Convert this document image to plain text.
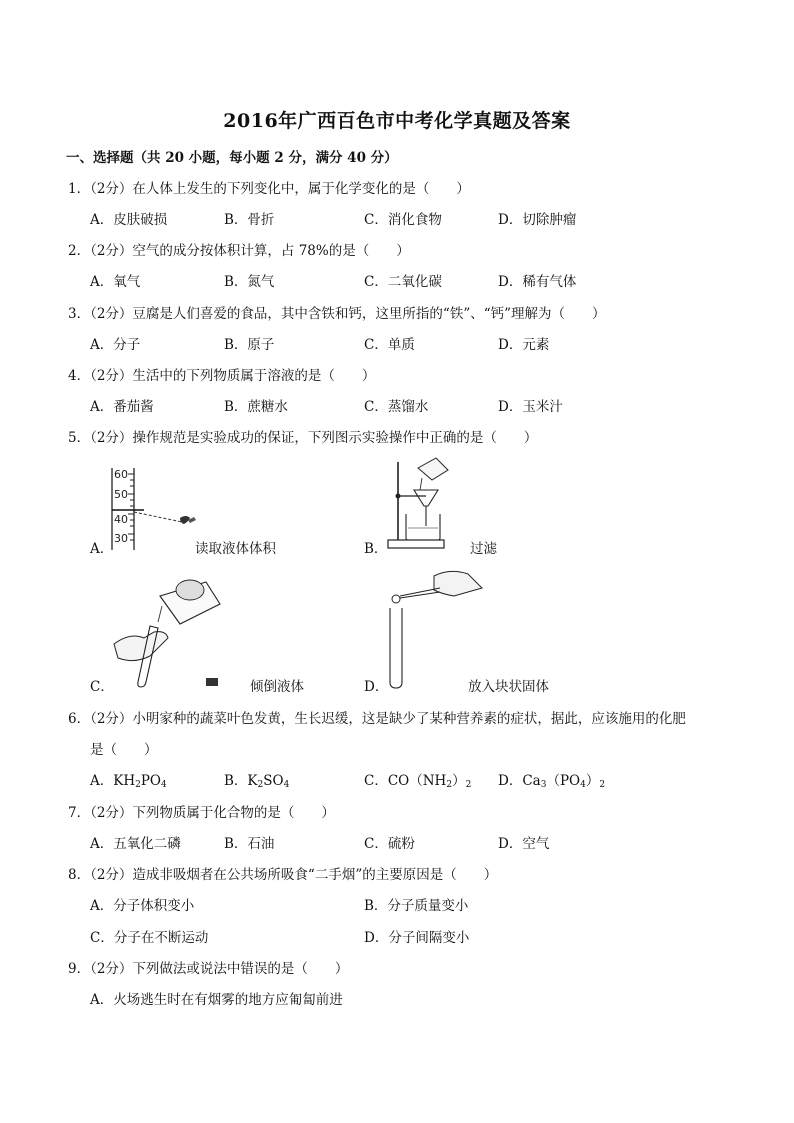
2016年广西百色市中考化学真题及答案
一、选择题（共 20 小题，每小题 2 分，满分 40 分）
1．（2分）在人体上发生的下列变化中，属于化学变化的是（　　）
A．皮肤破损	B．骨折	C．消化食物	D．切除肿瘤
2．（2分）空气的成分按体积计算，占 78%的是（　　）
A．氧气	B．氮气	C．二氧化碳	D．稀有气体
3．（2分）豆腐是人们喜爱的食品，其中含铁和钙，这里所指的“铁”、“钙”理解为（　　）
A．分子	B．原子	C．单质	D．元素
4．（2分）生活中的下列物质属于溶液的是（　　）
A．番茄酱	B．蔗糖水	C．蒸馏水	D．玉米汁
5．（2分）操作规范是实验成功的保证，下列图示实验操作中正确的是（　　）
60
50
40
30
A．	读取液体体积	B．	过滤
C．	倾倒液体	D．	放入块状固体
6．（2分）小明家种的蔬菜叶色发黄，生长迟缓，这是缺少了某种营养素的症状，据此，应该施用的化肥
是（　　）
A．$KH_2PO_4$	B．$K_2SO_4$	C．$CO(NH_2)_2$ D．$Ca_3(PO_4)_2$
7．（2分）下列物质属于化合物的是（　　）
A．五氧化二磷	B．石油	C．硫粉	D．空气
8．（2分）造成非吸烟者在公共场所吸食“二手烟”的主要原因是（　　）
A．分子体积变小	B．分子质量变小
C．分子在不断运动	D．分子间隔变小
9．（2分）下列做法或说法中错误的是（　　）
A．火场逃生时在有烟雾的地方应匍匐前进
